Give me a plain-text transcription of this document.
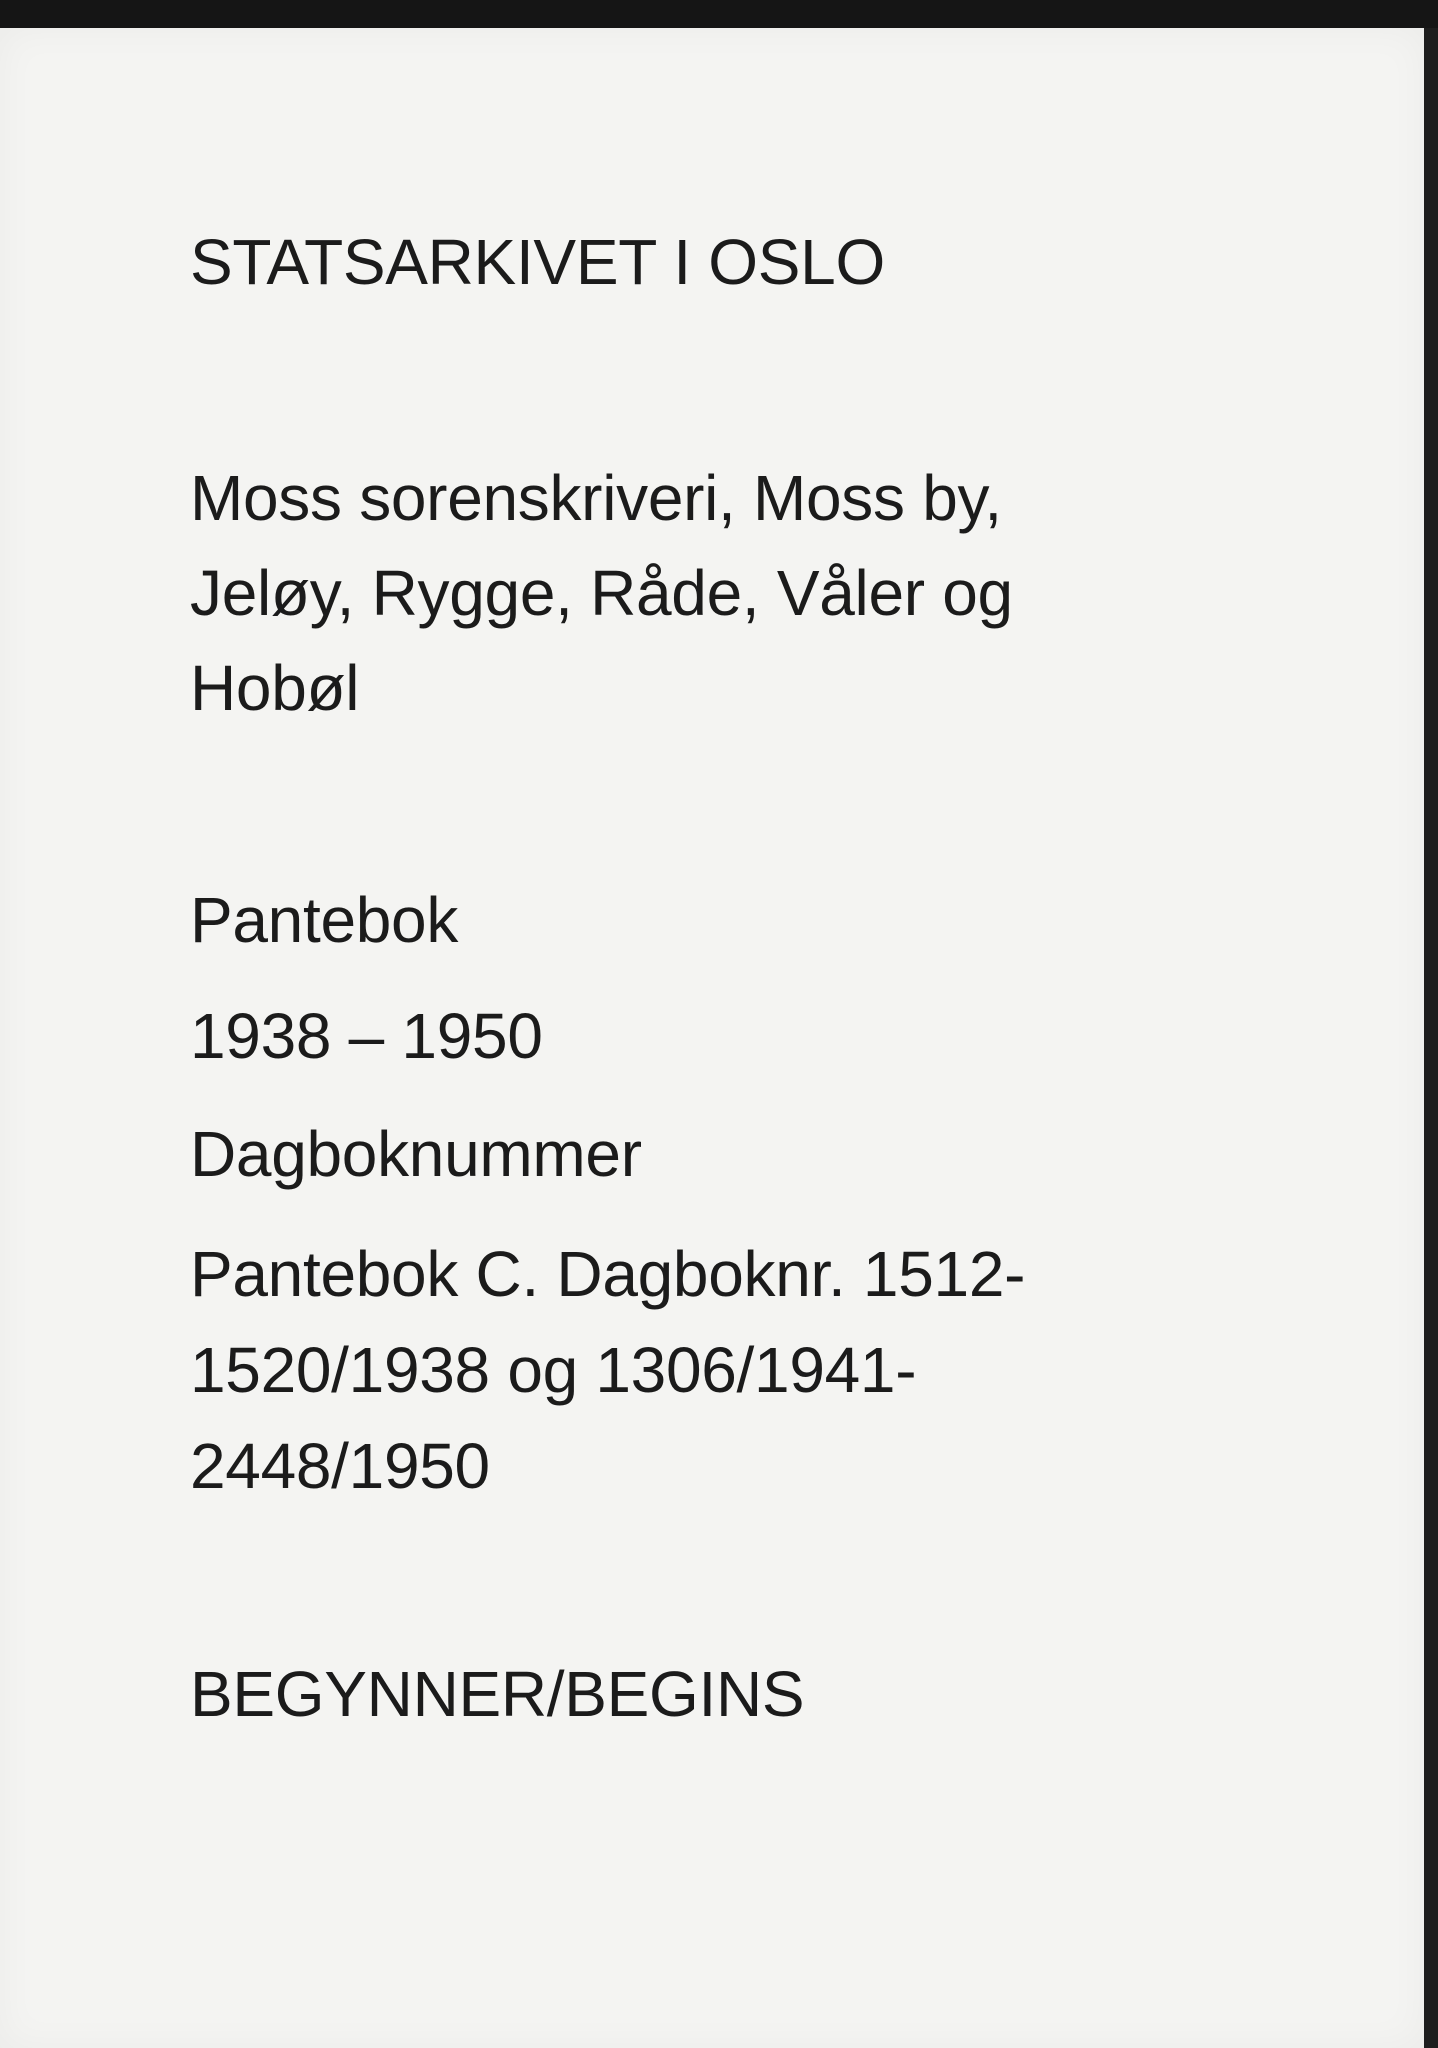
STATSARKIVET I OSLO

Moss sorenskriveri, Moss by,

Jeløy, Rygge, Råde, Våler og

Hobøl

Pantebok

1938 – 1950

Dagboknummer

Pantebok C. Dagboknr. 1512-

1520/1938 og 1306/1941-

2448/1950

BEGYNNER/BEGINS
